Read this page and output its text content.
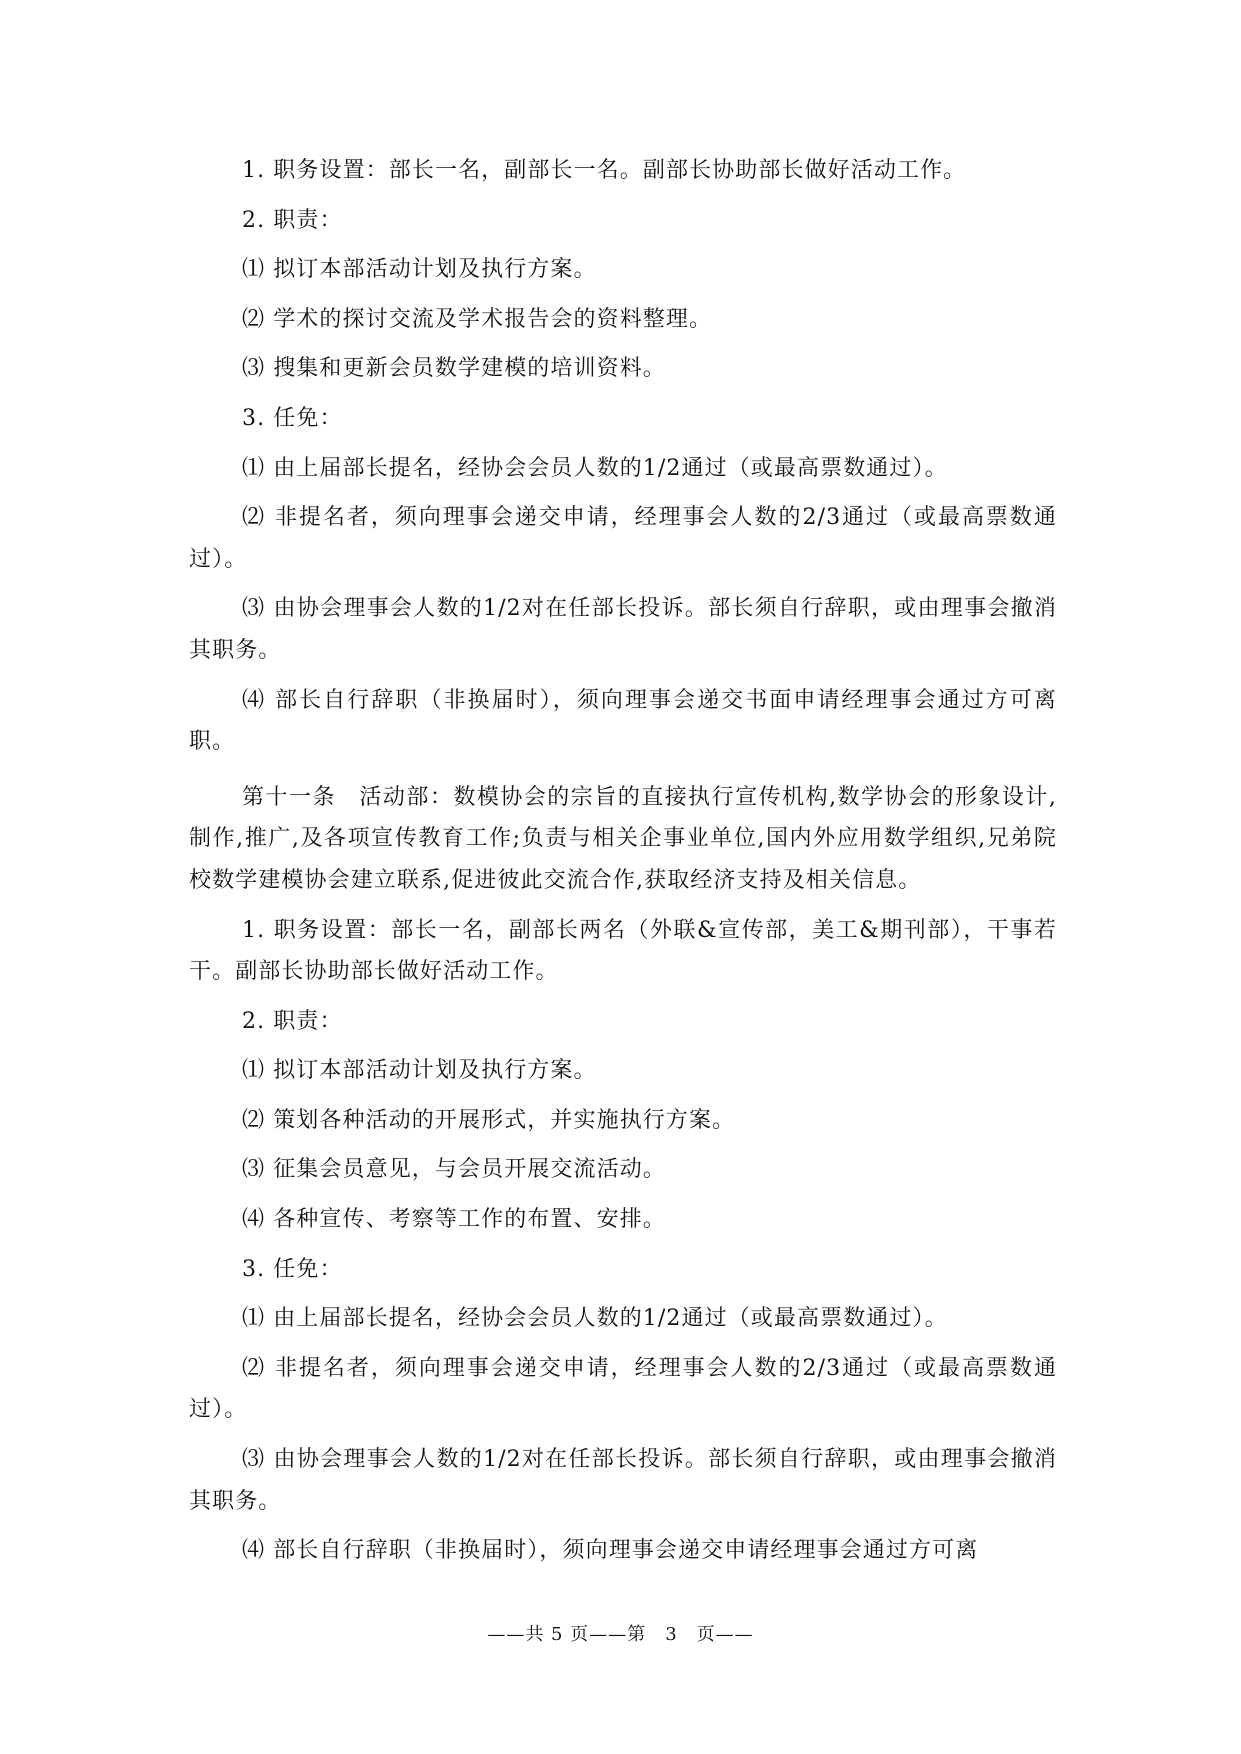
1. 职务设置：部长一名，副部长一名。副部长协助部长做好活动工作。

2. 职责：

⑴ 拟订本部活动计划及执行方案。

⑵ 学术的探讨交流及学术报告会的资料整理。

⑶ 搜集和更新会员数学建模的培训资料。

3. 任免：

⑴ 由上届部长提名，经协会会员人数的1/2通过（或最高票数通过）。

⑵ 非提名者，须向理事会递交申请，经理事会人数的2/3通过（或最高票数通过）。

⑶ 由协会理事会人数的1/2对在任部长投诉。部长须自行辞职，或由理事会撤消其职务。

⑷ 部长自行辞职（非换届时），须向理事会递交书面申请经理事会通过方可离职。

第十一条　活动部：数模协会的宗旨的直接执行宣传机构,数学协会的形象设计,制作,推广,及各项宣传教育工作;负责与相关企事业单位,国内外应用数学组织,兄弟院校数学建模协会建立联系,促进彼此交流合作,获取经济支持及相关信息。

1. 职务设置：部长一名，副部长两名（外联&宣传部，美工&期刊部），干事若干。副部长协助部长做好活动工作。

2. 职责：

⑴ 拟订本部活动计划及执行方案。

⑵ 策划各种活动的开展形式，并实施执行方案。

⑶ 征集会员意见，与会员开展交流活动。

⑷ 各种宣传、考察等工作的布置、安排。

3. 任免：

⑴ 由上届部长提名，经协会会员人数的1/2通过（或最高票数通过）。

⑵ 非提名者，须向理事会递交申请，经理事会人数的2/3通过（或最高票数通过）。

⑶ 由协会理事会人数的1/2对在任部长投诉。部长须自行辞职，或由理事会撤消其职务。

⑷ 部长自行辞职（非换届时），须向理事会递交申请经理事会通过方可离

——共 5 页——第　3　页——
